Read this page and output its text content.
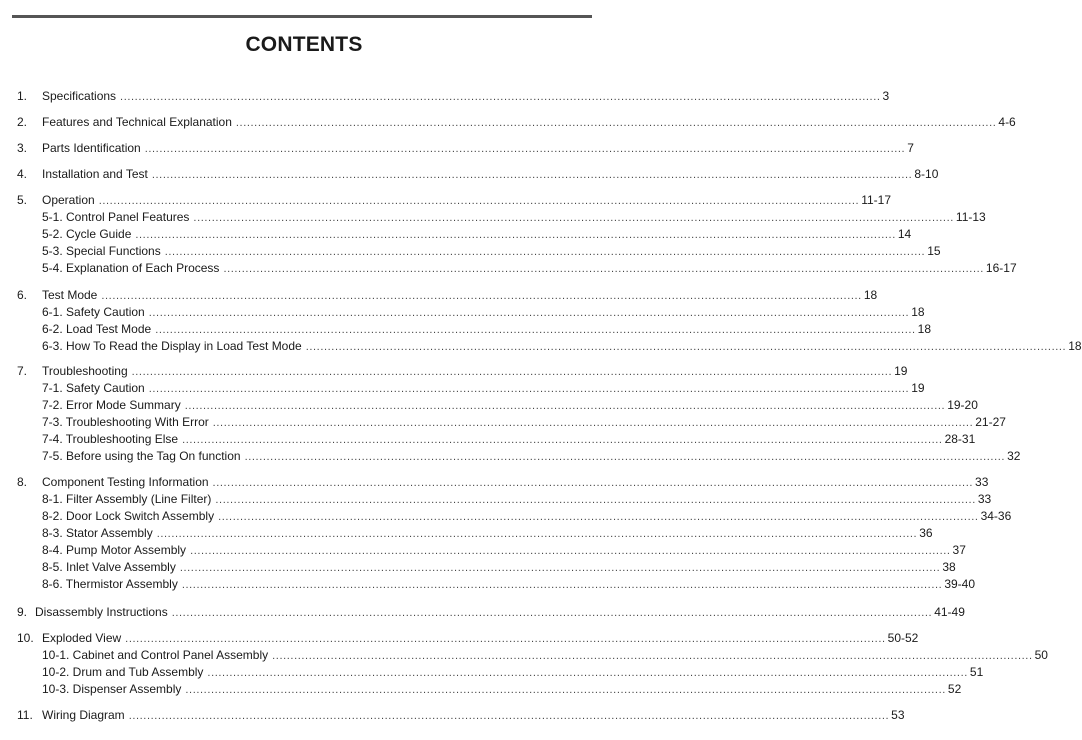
CONTENTS
1. Specifications ................................................................................................................................................................................................................ 3
2. Features and Technical Explanation ................................................................................................................................................................................................................ 4-6
3. Parts Identification ................................................................................................................................................................................................................ 7
4. Installation and Test ................................................................................................................................................................................................................ 8-10
5. Operation ................................................................................................................................................................................................................ 11-17
5-1. Control Panel Features ................................................................................................................................................................................................................ 11-13
5-2. Cycle Guide ................................................................................................................................................................................................................ 14
5-3. Special Functions ................................................................................................................................................................................................................ 15
5-4. Explanation of Each Process ................................................................................................................................................................................................................ 16-17
6. Test Mode ................................................................................................................................................................................................................ 18
6-1. Safety Caution ................................................................................................................................................................................................................ 18
6-2. Load Test Mode ................................................................................................................................................................................................................ 18
6-3. How To Read the Display in Load Test Mode ................................................................................................................................................................................................................ 18
7. Troubleshooting ................................................................................................................................................................................................................ 19
7-1. Safety Caution ................................................................................................................................................................................................................ 19
7-2. Error Mode Summary ................................................................................................................................................................................................................ 19-20
7-3. Troubleshooting With Error ................................................................................................................................................................................................................ 21-27
7-4. Troubleshooting Else ................................................................................................................................................................................................................ 28-31
7-5. Before using the Tag On function ................................................................................................................................................................................................................ 32
8. Component Testing Information ................................................................................................................................................................................................................ 33
8-1. Filter Assembly (Line Filter) ................................................................................................................................................................................................................ 33
8-2. Door Lock Switch Assembly ................................................................................................................................................................................................................ 34-36
8-3. Stator Assembly ................................................................................................................................................................................................................ 36
8-4. Pump Motor Assembly ................................................................................................................................................................................................................ 37
8-5. Inlet Valve Assembly ................................................................................................................................................................................................................ 38
8-6. Thermistor Assembly ................................................................................................................................................................................................................ 39-40
9. Disassembly Instructions ................................................................................................................................................................................................................ 41-49
10. Exploded View ................................................................................................................................................................................................................ 50-52
10-1. Cabinet and Control Panel Assembly ................................................................................................................................................................................................................ 50
10-2. Drum and Tub Assembly ................................................................................................................................................................................................................ 51
10-3. Dispenser Assembly ................................................................................................................................................................................................................ 52
11. Wiring Diagram ................................................................................................................................................................................................................ 53
